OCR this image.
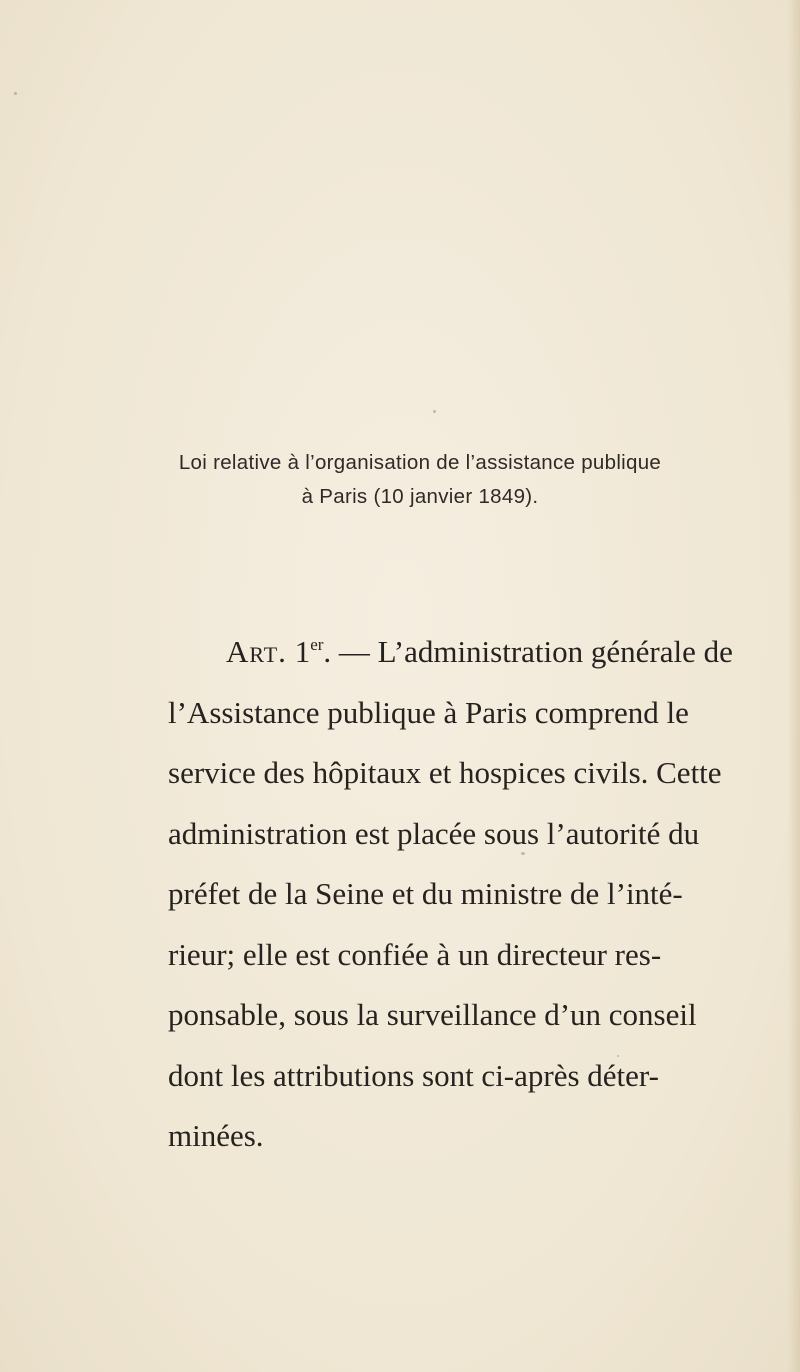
Loi relative à l’organisation de l’assistance publique
à Paris (10 janvier 1849).
Art. 1er. — L’administration générale de
l’Assistance publique à Paris comprend le
service des hôpitaux et hospices civils. Cette
administration est placée sous l’autorité du
préfet de la Seine et du ministre de l’inté-
rieur; elle est confiée à un directeur res-
ponsable, sous la surveillance d’un conseil
dont les attributions sont ci-après déter-
minées.
